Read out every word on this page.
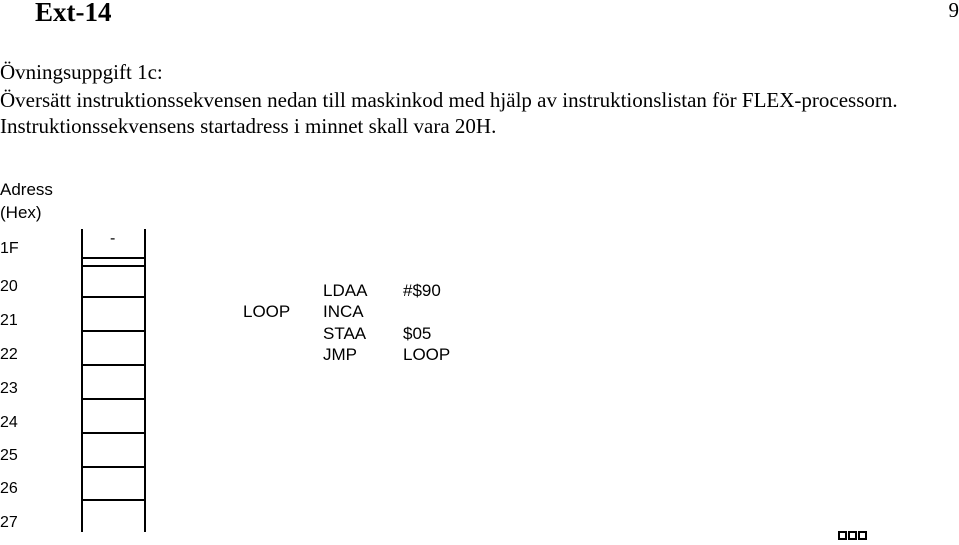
Ext-14	9
Övningsuppgift 1c:
Översätt instruktionssekvensen nedan till maskinkod med hjälp av instruktionslistan för FLEX-processorn. Instruktionssekvensens startadress i minnet skall vara 20H.
Adress
(Hex)
1F
20
21
22
23
24
25
26
27
-
LOOP
LDAA
INCA
STAA
JMP
#$90
$05
LOOP
